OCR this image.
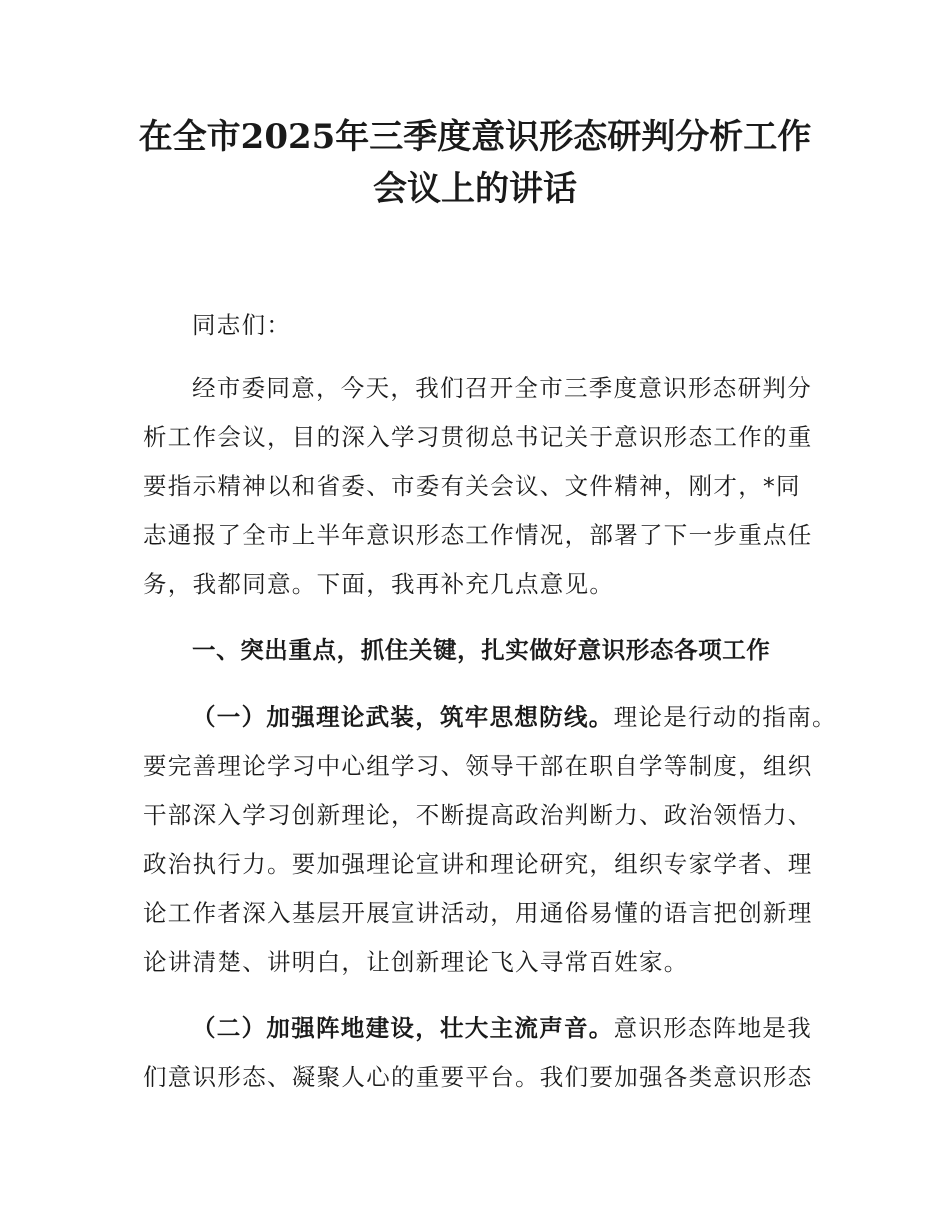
在全市2025年三季度意识形态研判分析工作
会议上的讲话
同志们：
经市委同意，今天，我们召开全市三季度意识形态研判分
析工作会议，目的深入学习贯彻总书记关于意识形态工作的重
要指示精神以和省委、市委有关会议、文件精神，刚才，*同
志通报了全市上半年意识形态工作情况，部署了下一步重点任
务，我都同意。下面，我再补充几点意见。
一、突出重点，抓住关键，扎实做好意识形态各项工作
（一）加强理论武装，筑牢思想防线。理论是行动的指南。
要完善理论学习中心组学习、领导干部在职自学等制度，组织
干部深入学习创新理论，不断提高政治判断力、政治领悟力、
政治执行力。要加强理论宣讲和理论研究，组织专家学者、理
论工作者深入基层开展宣讲活动，用通俗易懂的语言把创新理
论讲清楚、讲明白，让创新理论飞入寻常百姓家。
（二）加强阵地建设，壮大主流声音。意识形态阵地是我
们意识形态、凝聚人心的重要平台。我们要加强各类意识形态
